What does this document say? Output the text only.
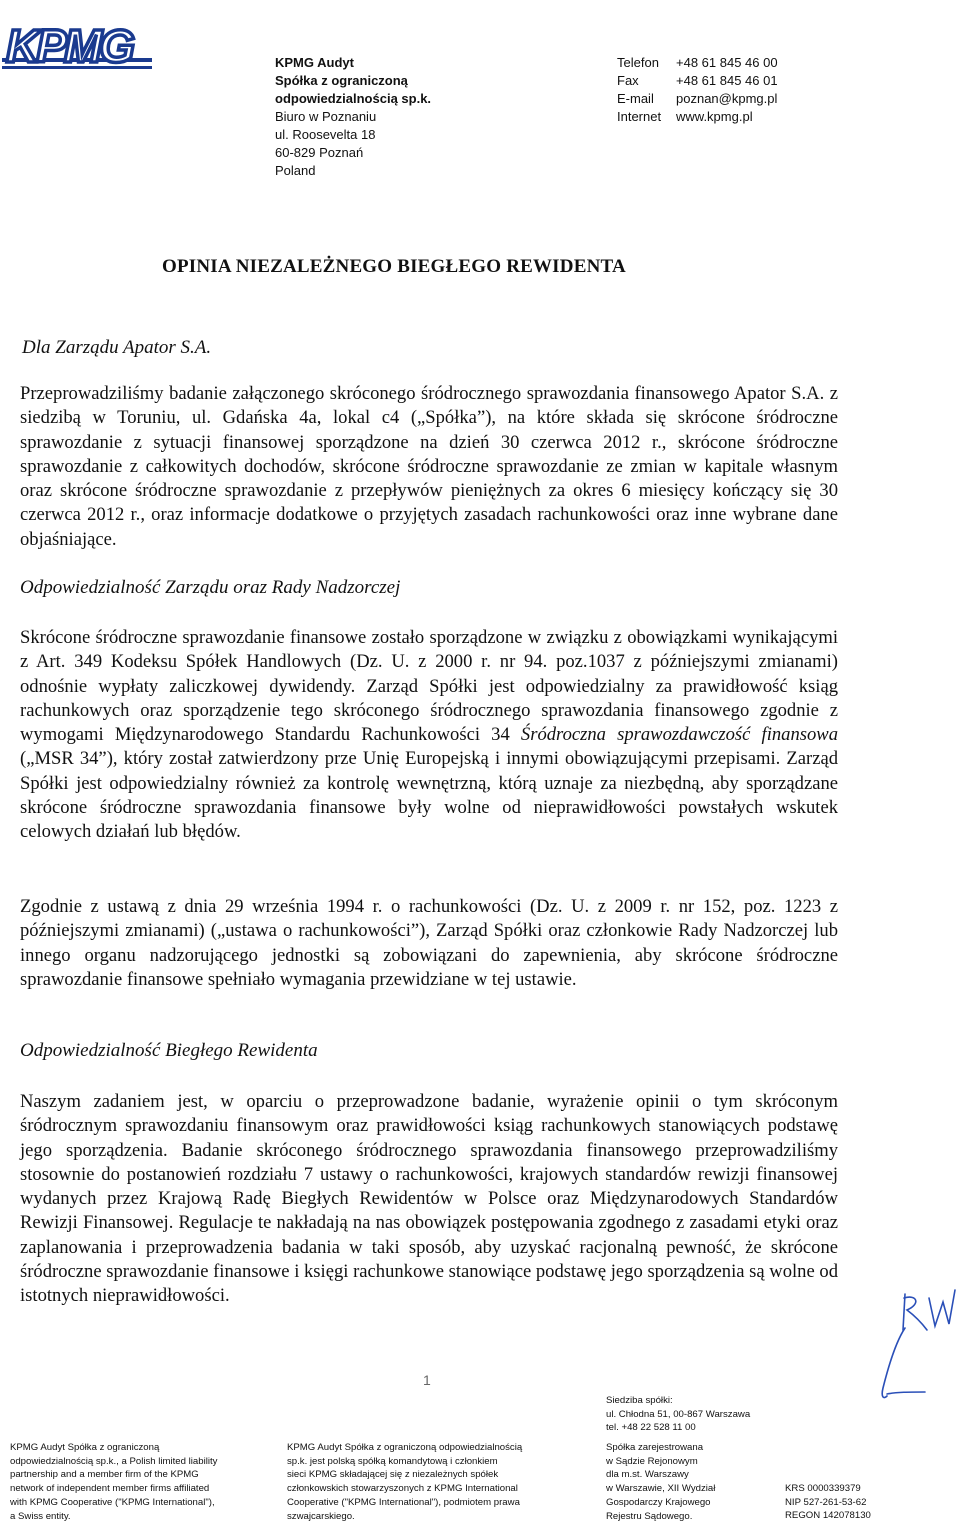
KPMG	KPMG Audyt
Spółka z ograniczoną
odpowiedzialnością sp.k.
Biuro w Poznaniu
ul. Roosevelta 18
60-829 Poznań
Poland
Telefon	+48 61 845 46 00
Fax	+48 61 845 46 01
E-mail	poznan@kpmg.pl
Internet	www.kpmg.pl
OPINIA NIEZALEŻNEGO BIEGŁEGO REWIDENTA
Dla Zarządu Apator S.A.
Przeprowadziliśmy badanie załączonego skróconego śródrocznego sprawozdania finansowego Apator S.A. z siedzibą w Toruniu, ul. Gdańska 4a, lokal c4 („Spółka”), na które składa się skrócone śródroczne sprawozdanie z sytuacji finansowej sporządzone na dzień 30 czerwca 2012 r., skrócone śródroczne sprawozdanie z całkowitych dochodów, skrócone śródroczne sprawozdanie ze zmian w kapitale własnym oraz skrócone śródroczne sprawozdanie z przepływów pieniężnych za okres 6 miesięcy kończący się 30 czerwca 2012 r., oraz informacje dodatkowe o przyjętych zasadach rachunkowości oraz inne wybrane dane objaśniające.
Odpowiedzialność Zarządu oraz Rady Nadzorczej
Skrócone śródroczne sprawozdanie finansowe zostało sporządzone w związku z obowiązkami wynikającymi z Art. 349 Kodeksu Spółek Handlowych (Dz. U. z 2000 r. nr 94. poz.1037 z późniejszymi zmianami) odnośnie wypłaty zaliczkowej dywidendy. Zarząd Spółki jest odpowiedzialny za prawidłowość ksiąg rachunkowych oraz sporządzenie tego skróconego śródrocznego sprawozdania finansowego zgodnie z wymogami Międzynarodowego Standardu Rachunkowości 34 Śródroczna sprawozdawczość finansowa („MSR 34”), który został zatwierdzony prze Unię Europejską i innymi obowiązującymi przepisami. Zarząd Spółki jest odpowiedzialny również za kontrolę wewnętrzną, którą uznaje za niezbędną, aby sporządzane skrócone śródroczne sprawozdania finansowe były wolne od nieprawidłowości powstałych wskutek celowych działań lub błędów.
Zgodnie z ustawą z dnia 29 września 1994 r. o rachunkowości (Dz. U. z 2009 r. nr 152, poz. 1223 z późniejszymi zmianami) („ustawa o rachunkowości”), Zarząd Spółki oraz członkowie Rady Nadzorczej lub innego organu nadzorującego jednostki są zobowiązani do zapewnienia, aby skrócone śródroczne sprawozdanie finansowe spełniało wymagania przewidziane w tej ustawie.
Odpowiedzialność Biegłego Rewidenta
Naszym zadaniem jest, w oparciu o przeprowadzone badanie, wyrażenie opinii o tym skróconym śródrocznym sprawozdaniu finansowym oraz prawidłowości ksiąg rachunkowych stanowiących podstawę jego sporządzenia. Badanie skróconego śródrocznego sprawozdania finansowego przeprowadziliśmy stosownie do postanowień rozdziału 7 ustawy o rachunkowości, krajowych standardów rewizji finansowej wydanych przez Krajową Radę Biegłych Rewidentów w Polsce oraz Międzynarodowych Standardów Rewizji Finansowej. Regulacje te nakładają na nas obowiązek postępowania zgodnego z zasadami etyki oraz zaplanowania i przeprowadzenia badania w taki sposób, aby uzyskać racjonalną pewność, że skrócone śródroczne sprawozdanie finansowe i księgi rachunkowe stanowiące podstawę jego sporządzenia są wolne od istotnych nieprawidłowości.
1
KPMG Audyt Spółka z ograniczoną
odpowiedzialnością sp.k., a Polish limited liability
partnership and a member firm of the KPMG
network of independent member firms affiliated
with KPMG Cooperative ("KPMG International"),
a Swiss entity.
KPMG Audyt Spółka z ograniczoną odpowiedzialnością
sp.k. jest polską spółką komandytową i członkiem
sieci KPMG składającej się z niezależnych spółek
członkowskich stowarzyszonych z KPMG International
Cooperative ("KPMG International"), podmiotem prawa
szwajcarskiego.
Siedziba spółki:
ul. Chłodna 51, 00-867 Warszawa
tel. +48 22 528 11 00
Spółka zarejestrowana
w Sądzie Rejonowym
dla m.st. Warszawy
w Warszawie, XII Wydział
Gospodarczy Krajowego
Rejestru Sądowego.
KRS 0000339379
NIP 527-261-53-62
REGON 142078130
